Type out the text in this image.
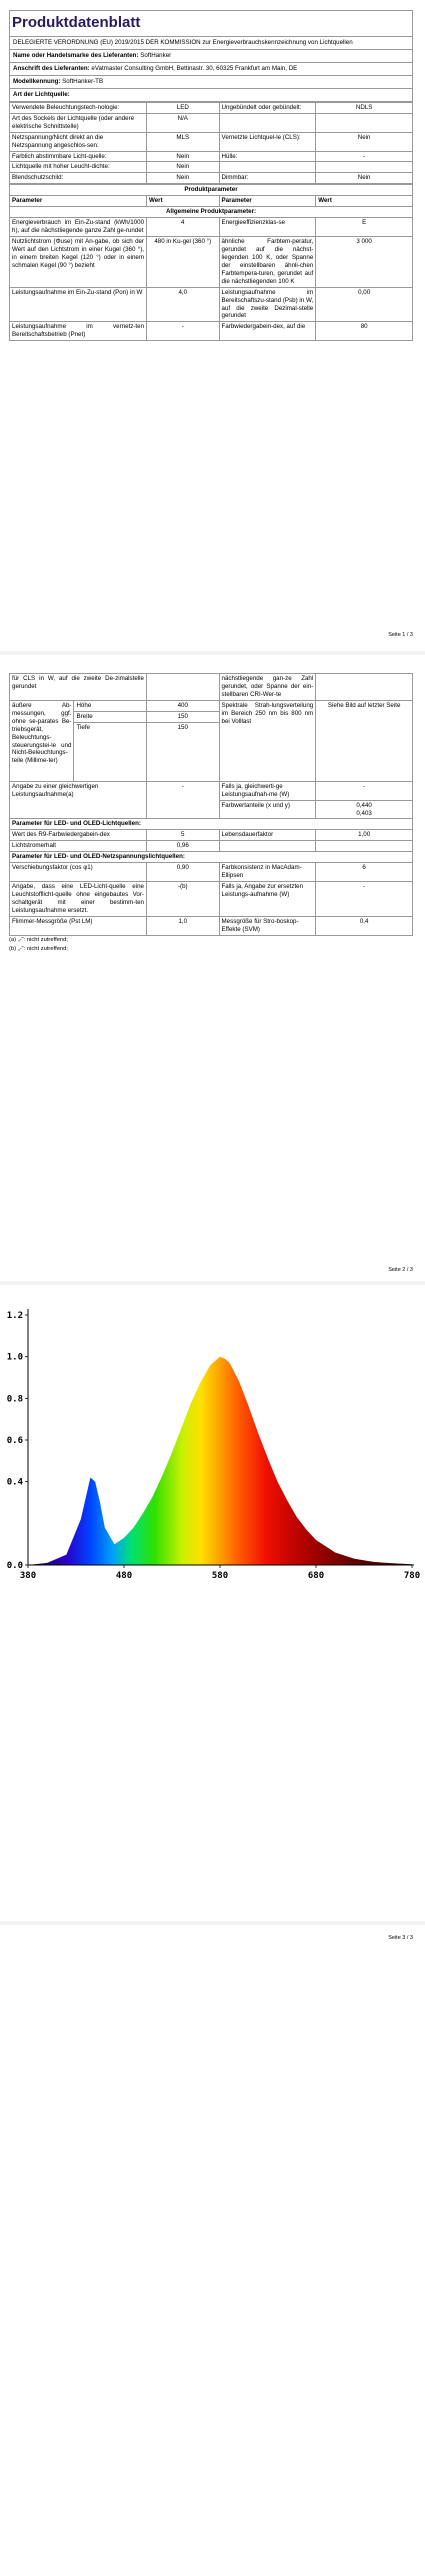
Produktdatenblatt
DELEGIERTE VERORDNUNG (EU) 2019/2015 DER KOMMISSION zur Energieverbrauchskennzeichnung von Lichtquellen
Name oder Handelsmarke des Lieferanten: SoftHanker
Anschrift des Lieferanten: eVatmaster Consulting GmbH, Bettinastr. 30, 60325 Frankfurt am Main, DE
Modellkennung: SoftHanker-TB
Art der Lichtquelle:
Verwendete Beleuchtungstech-nologie:	LED	Ungebündelt oder gebündelt:	NDLS
Art des Sockels der Lichtquelle (oder andere elektrische Schnittstelle)	N/A		
Netzspannung/Nicht direkt an die Netzspannung angeschlos-sen:	MLS	Vernetzte Lichtquel-le (CLS):	Nein
Farblich abstimmbare Licht-quelle:	Nein	Hülle:	-
Lichtquelle mit hoher Leucht-dichte:	Nein		
Blendschutzschild:	Nein	Dimmbar:	Nein
Produktparameter			
Parameter	Wert	Parameter	Wert
Allgemeine Produktparameter:			
Energieverbrauch im Ein-Zu-stand (kWh/1000 h), auf die nächstliegende ganze Zahl ge-rundet	4	Energieeffizienzklas-se	E
Nutzlichtstrom (Φuse) mit An-gabe, ob sich der Wert auf den Lichtstrom in einer Kugel (360 °), in einem breiten Kegel (120 °) oder in einem schmalen Kegel (90 °) bezieht	480 in Ku-gel (360 °)	ähnliche Farbtem-peratur, gerundet auf die nächst-liegenden 100 K, oder Spanne der einstellbaren ähnli-chen Farbtempera-turen, gerundet auf die nächstliegenden 100 K	3 000
Leistungsaufnahme im Ein-Zu-stand (Pon) in W	4,0	Leistungsaufnahme im Bereitschaftszu-stand (Psb) in W, auf die zweite Dezimal-stelle gerundet	0,00
Leistungsaufnahme im vernetz-ten Bereitschaftsbetrieb (Pnet)	-	Farbwiedergabein-dex, auf die	80
Seite 1 / 3
für CLS in W, auf die zweite De-zimalstelle gerundet			nächstliegende gan-ze Zahl gerundet, oder Spanne der ein-stellbaren CRI-Wer-te	
äußere Ab-messungen, ggf. ohne se-parates Be-triebsgerät, Beleuchtungs-steuerungstei-le und Nicht-Beleuchtungs-teile (Millime-ter)	Höhe	400	Spektrale Strah-lungsverteilung im Bereich 250 nm bis 800 nm bei Volllast	Siehe Bild auf letzter Seite
	Breite	150		
	Tiefe	150		
Angabe zu einer gleichwertigen Leistungsaufnahme(a)		-	Falls ja, gleichwerti-ge Leistungsaufnah-me (W)	-
			Farbwertanteile (x und y)	0,440
0,403

Parameter für LED- und OLED-Lichtquellen:				
Wert des R9-Farbwiedergabein-dex		5	Lebensdauerfaktor	1,00
Lichtstromerhalt		0,96		
Parameter für LED- und OLED-Netzspannungslichtquellen:				
Verschiebungsfaktor (cos φ1)		0,90	Farbkonsistenz in MacAdam-Ellipsen	6
Angabe, dass eine LED-Licht-quelle eine Leuchtstofflicht-quelle ohne eingebautes Vor-schaltgerät mit einer bestimm-ten Leistungsaufnahme ersetzt.		-(b)	Falls ja, Angabe zur ersetzten Leistungs-aufnahme (W)	-
Flimmer-Messgröße (Pst LM)		1,0	Messgröße für Stro-boskop-Effekte (SVM)	0,4
(a) „-": nicht zutreffend;
(b) „-": nicht zutreffend;
Seite 2 / 3
0.0
0.4
0.6
0.8
1.0
1.2
380	480	580	680	780
Seite 3 / 3
